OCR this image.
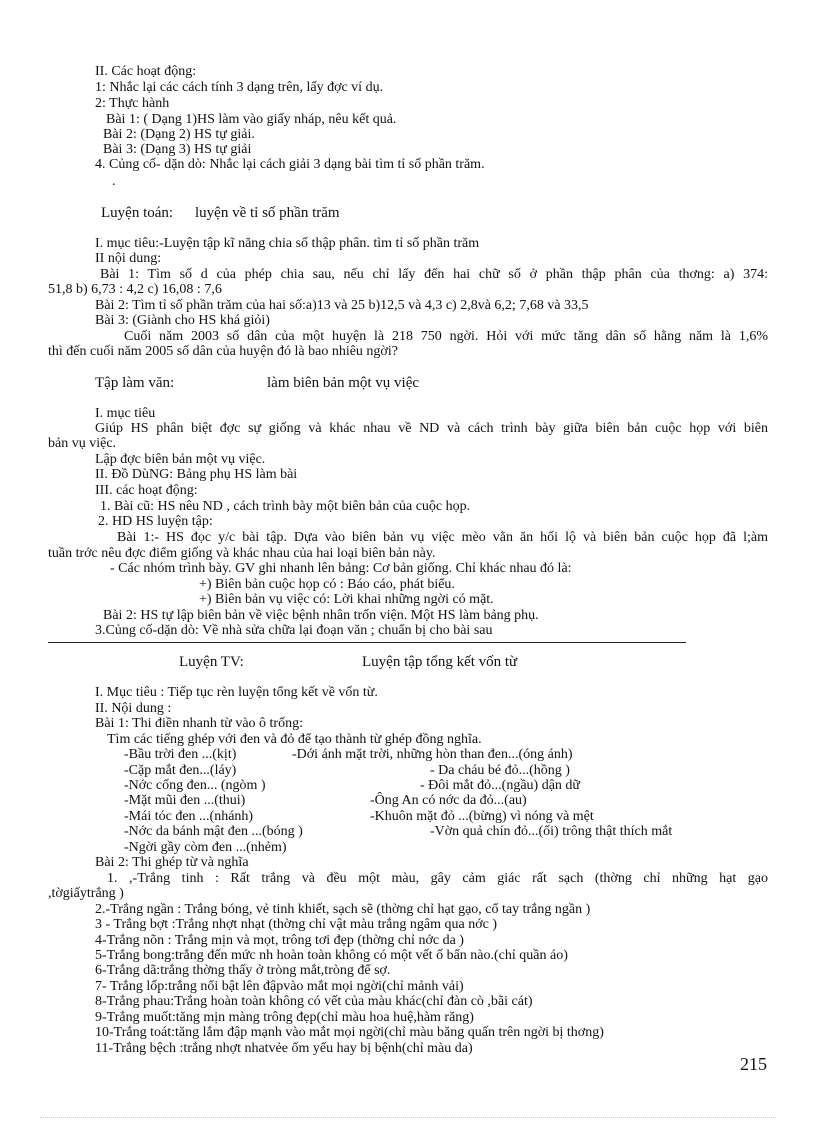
II. Các hoạt động:
1: Nhắc lại các cách tính 3 dạng trên, lấy đợc ví dụ.
2: Thực hành
Bài 1: ( Dạng 1)HS làm vào giấy nháp, nêu kết quả.
Bài 2: (Dạng 2) HS tự giải.
Bài 3: (Dạng 3) HS tự giải
4. Củng cố- dặn dò: Nhắc lại cách giải 3 dạng bài tìm tỉ số phần trăm.
.
Luyện toán: luyện về tỉ số phần trăm
I. mục tiêu:-Luyện tập kĩ năng chia số thập phân. tìm tỉ số phần trăm
II nội dung:
Bài 1: Tìm số d của phép chia sau, nếu chỉ lấy đến hai chữ số ở phần thập phân của thơng: a) 374:
51,8 b) 6,73 : 4,2 c) 16,08 : 7,6
Bài 2: Tìm tỉ số phần trăm của hai số:a)13 và 25 b)12,5 và 4,3 c) 2,8và 6,2; 7,68 và 33,5
Bài 3: (Giành cho HS khá giỏi)
Cuối năm 2003 số dân của một huyện là 218 750 ngời. Hỏi với mức tăng dân số hằng năm là 1,6%
thì đến cuối năm 2005 số dân của huyện đó là bao nhiêu ngời?
Tập làm văn:	làm biên bản một vụ việc
I. mục tiêu
Giúp HS phân biệt đợc sự giống và khác nhau về ND và cách trình bày giữa biên bản cuộc họp với biên
bản vụ việc.
Lập đợc biên bản một vụ việc.
II. Đồ DùNG: Bảng phụ HS làm bài
III. các hoạt động:
1. Bài cũ: HS nêu ND , cách trình bày một biên bản của cuộc họp.
2. HD HS luyện tập:
Bài 1:- HS đọc y/c bài tập. Dựa vào biên bản vụ việc mèo vằn ăn hối lộ và biên bản cuộc họp đã l;àm
tuần trớc nêu đợc điểm giống và khác nhau của hai loại biên bản này.
- Các nhóm trình bày. GV ghi nhanh lên bảng: Cơ bản giống. Chỉ khác nhau đó là:
+) Biên bản cuộc họp có : Báo cáo, phát biểu.
+) Biên bản vụ việc có: Lời khai những ngời có mặt.
Bài 2: HS tự lập biên bản về việc bệnh nhân trốn viện. Một HS làm bảng phụ.
3.Củng cố-dặn dò: Về nhà sửa chữa lại đoạn văn ; chuẩn bị cho bài sau
Luyện TV:	Luyện tập tổng kết vốn từ
I. Mục tiêu : Tiếp tục rèn luyện tổng kết về vốn từ.
II. Nội dung :
Bài 1: Thi điền nhanh từ vào ô trống:
Tìm các tiếng ghép với đen và đỏ để tạo thành từ ghép đồng nghĩa.
-Bầu trời đen ...(kịt)
-Cặp mắt đen...(láy)
-Nớc cống đen... (ngòm )
-Mặt mũi đen ...(thui)
-Mái tóc đen ...(nhánh)
-Nớc da bánh mật đen ...(bóng )
-Ngời gầy còm đen ...(nhẻm)
-Dới ánh mặt trời, những hòn than đen...(óng ánh)
- Da cháu bé đỏ...(hồng )
- Đôi mắt đỏ...(ngầu) dận dữ
-Ông An có nớc da đỏ...(au)
-Khuôn mặt đỏ ...(bừng) vì nóng và mệt
-Vờn quả chín đỏ...(ối) trông thật thích mắt
Bài 2: Thi ghép từ và nghĩa
1. ,-Trắng tinh : Rất trắng và đều một màu, gây cảm giác rất sạch (thờng chỉ những hạt gạo
,tờgiấytrắng )
2.-Trắng ngần : Trắng bóng, vẻ tinh khiết, sạch sẽ (thờng chỉ hạt gạo, cổ tay trắng ngần )
3 - Trắng bợt :Trắng nhợt nhạt (thờng chỉ vật màu trắng ngâm qua nớc )
4-Trắng nõn : Trắng mịn và mọt, trông tơi đẹp (thờng chỉ nớc da )
5-Trắng bong:trắng đến mức nh hoàn toàn không có một vết ố bẩn nào.(chỉ quần áo)
6-Trắng dã:trắng thờng thấy ở tròng mắt,tròng để sợ.
7- Trắng lốp:trắng nổi bật lên đậpvào mắt mọi ngời(chỉ mảnh vải)
8-Trắng phau:Trắng hoàn toàn không có vết của màu khác(chỉ đàn cò ,bãi cát)
9-Trắng muốt:tăng mịn màng trông đẹp(chỉ màu hoa huệ,hàm răng)
10-Trắng toát:tăng lắm đập mạnh vào mắt mọi ngời(chỉ màu băng quấn trên ngời bị thơng)
11-Trắng bệch :trắng nhợt nhatvẻe ốm yếu hay bị bệnh(chỉ màu da)
215
